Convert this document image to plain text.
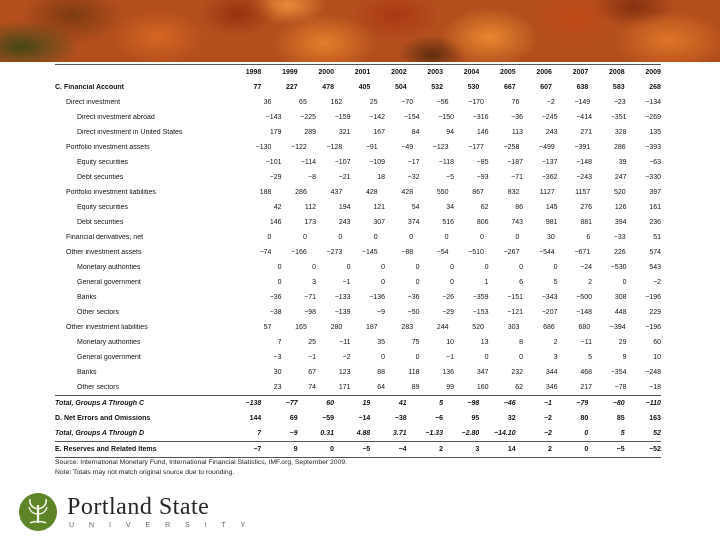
1998	1999	2000	2001	2002	2003	2004	2005	2006	2007	2008	2009
C. Financial Account	77	227	478	405	504	532	530	667	607	638	583	268
Direct investment	36	65	162	25	−70	−56	−170	76	−2	−149	−23	−134
Direct investment abroad	−143	−225	−159	−142	−154	−150	−316	−36	−245	−414	−351	−269
Direct investment in United States	179	289	321	167	84	94	146	113	243	271	328	135
Portfolio investment assets	−130	−122	−128	−91	−49	−123	−177	−258	−499	−391	286	−393
Equity securities	−101	−114	−107	−109	−17	−118	−85	−187	−137	−148	39	−63
Debt securities	−29	−8	−21	18	−32	−5	−93	−71	−362	−243	247	−330
Portfolio investment liabilities	188	286	437	428	428	550	867	832	1127	1157	520	397
Equity securities	42	112	194	121	54	34	62	86	145	276	126	161
Debt securities	146	173	243	307	374	516	806	743	981	881	394	236
Financial derivatives, net	0	0	0	0	0	0	0	0	30	6	−33	51
Other investment assets	−74	−166	−273	−145	−88	−54	−510	−267	−544	−671	226	574
Monetary authorities	0	0	0	0	0	0	0	0	0	−24	−530	543
General government	0	3	−1	0	0	0	1	6	5	2	0	−2
Banks	−36	−71	−133	−136	−36	−26	−359	−151	−343	−500	308	−196
Other sectors	−38	−98	−139	−9	−50	−29	−153	−121	−207	−148	448	229
Other investment liabilities	57	165	280	187	283	244	520	303	686	680	−394	−196
Monetary authorities	7	25	−11	35	75	10	13	8	2	−11	29	60
General government	−3	−1	−2	0	0	−1	0	0	3	5	9	10
Banks	30	67	123	88	118	136	347	232	344	468	−354	−248
Other sectors	23	74	171	64	89	99	160	62	346	217	−78	−18
Total, Groups A Through C	−138	−77	60	19	41	5	−98	−46	−1	−79	−80	−110
D. Net Errors and Omissions	144	69	−59	−14	−38	−6	95	32	−2	80	85	163
Total, Groups A Through D	7	−9	0.31	4.88	3.71	−1.33	−2.80	−14.10	−2	0	5	52
E. Reserves and Related Items	−7	9	0	−5	−4	2	3	14	2	0	−5	−52
Source: International Monetary Fund, International Financial Statistics, IMF.org, September 2009.
Note: Totals may not match original source due to rounding.
Portland State
U N I V E R S I T Y
